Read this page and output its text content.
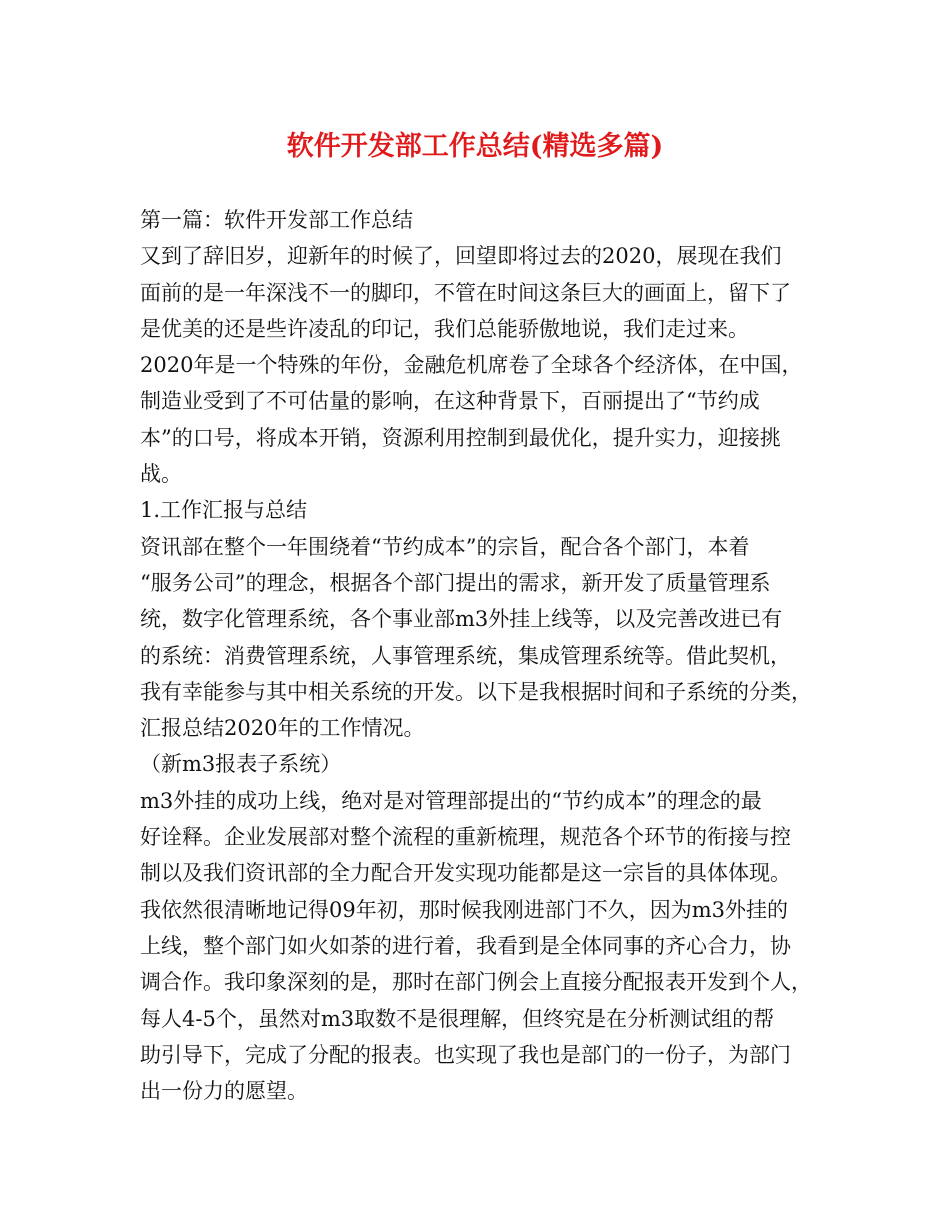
软件开发部工作总结(精选多篇)
第一篇：软件开发部工作总结
又到了辞旧岁，迎新年的时候了，回望即将过去的2020，展现在我们
面前的是一年深浅不一的脚印，不管在时间这条巨大的画面上，留下了
是优美的还是些许凌乱的印记，我们总能骄傲地说，我们走过来。
2020年是一个特殊的年份，金融危机席卷了全球各个经济体，在中国，
制造业受到了不可估量的影响，在这种背景下，百丽提出了“节约成
本”的口号，将成本开销，资源利用控制到最优化，提升实力，迎接挑
战。
1.工作汇报与总结
资讯部在整个一年围绕着“节约成本”的宗旨，配合各个部门，本着
“服务公司”的理念，根据各个部门提出的需求，新开发了质量管理系
统，数字化管理系统，各个事业部m3外挂上线等，以及完善改进已有
的系统：消费管理系统，人事管理系统，集成管理系统等。借此契机，
我有幸能参与其中相关系统的开发。以下是我根据时间和子系统的分类，
汇报总结2020年的工作情况。
（新m3报表子系统）
m3外挂的成功上线，绝对是对管理部提出的“节约成本”的理念的最
好诠释。企业发展部对整个流程的重新梳理，规范各个环节的衔接与控
制以及我们资讯部的全力配合开发实现功能都是这一宗旨的具体体现。
我依然很清晰地记得09年初，那时候我刚进部门不久，因为m3外挂的
上线，整个部门如火如荼的进行着，我看到是全体同事的齐心合力，协
调合作。我印象深刻的是，那时在部门例会上直接分配报表开发到个人，
每人4-5个，虽然对m3取数不是很理解，但终究是在分析测试组的帮
助引导下，完成了分配的报表。也实现了我也是部门的一份子，为部门
出一份力的愿望。
